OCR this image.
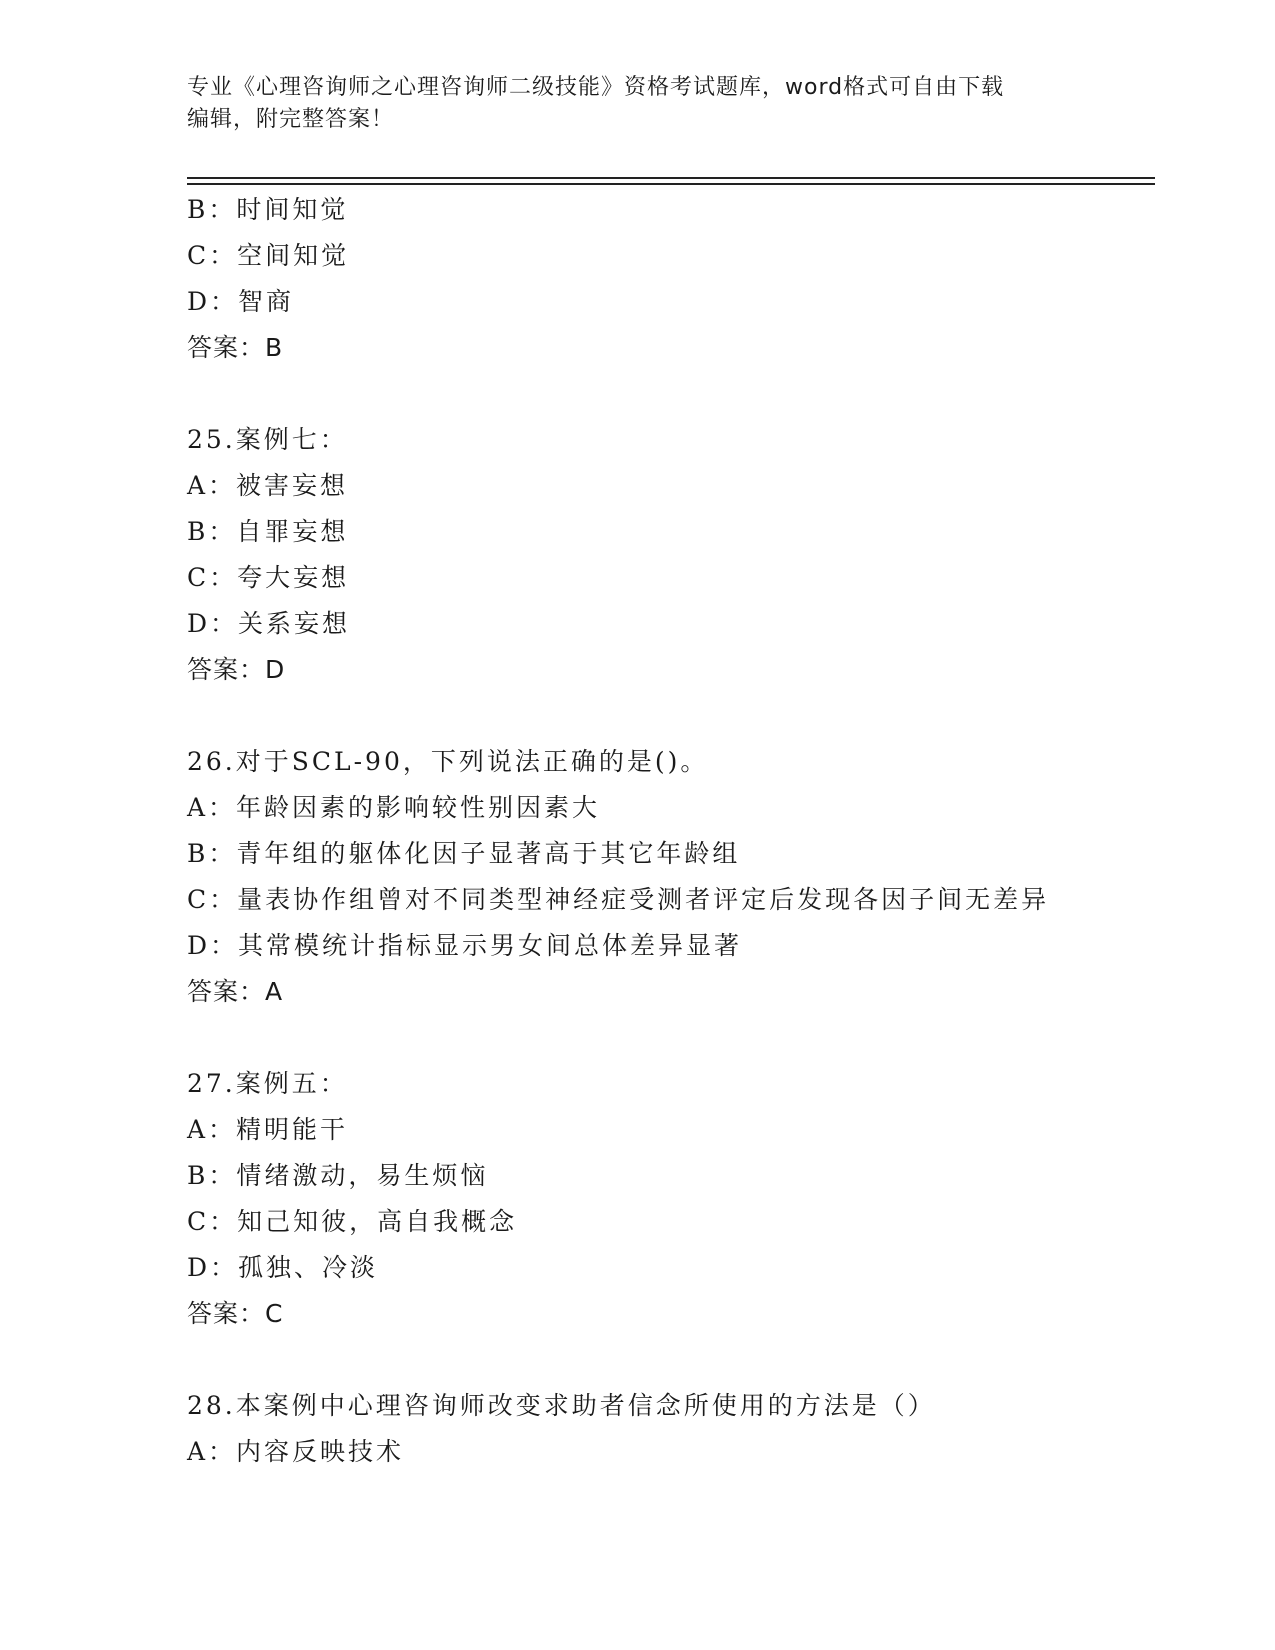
专业《心理咨询师之心理咨询师二级技能》资格考试题库，word格式可自由下载
编辑，附完整答案！
B：时间知觉
C：空间知觉
D：智商
答案：B
25.案例七：
A：被害妄想
B：自罪妄想
C：夸大妄想
D：关系妄想
答案：D
26.对于SCL-90，下列说法正确的是()。
A：年龄因素的影响较性别因素大
B：青年组的躯体化因子显著高于其它年龄组
C：量表协作组曾对不同类型神经症受测者评定后发现各因子间无差异
D：其常模统计指标显示男女间总体差异显著
答案：A
27.案例五：
A：精明能干
B：情绪激动，易生烦恼
C：知己知彼，高自我概念
D：孤独、冷淡
答案：C
28.本案例中心理咨询师改变求助者信念所使用的方法是（）
A：内容反映技术
